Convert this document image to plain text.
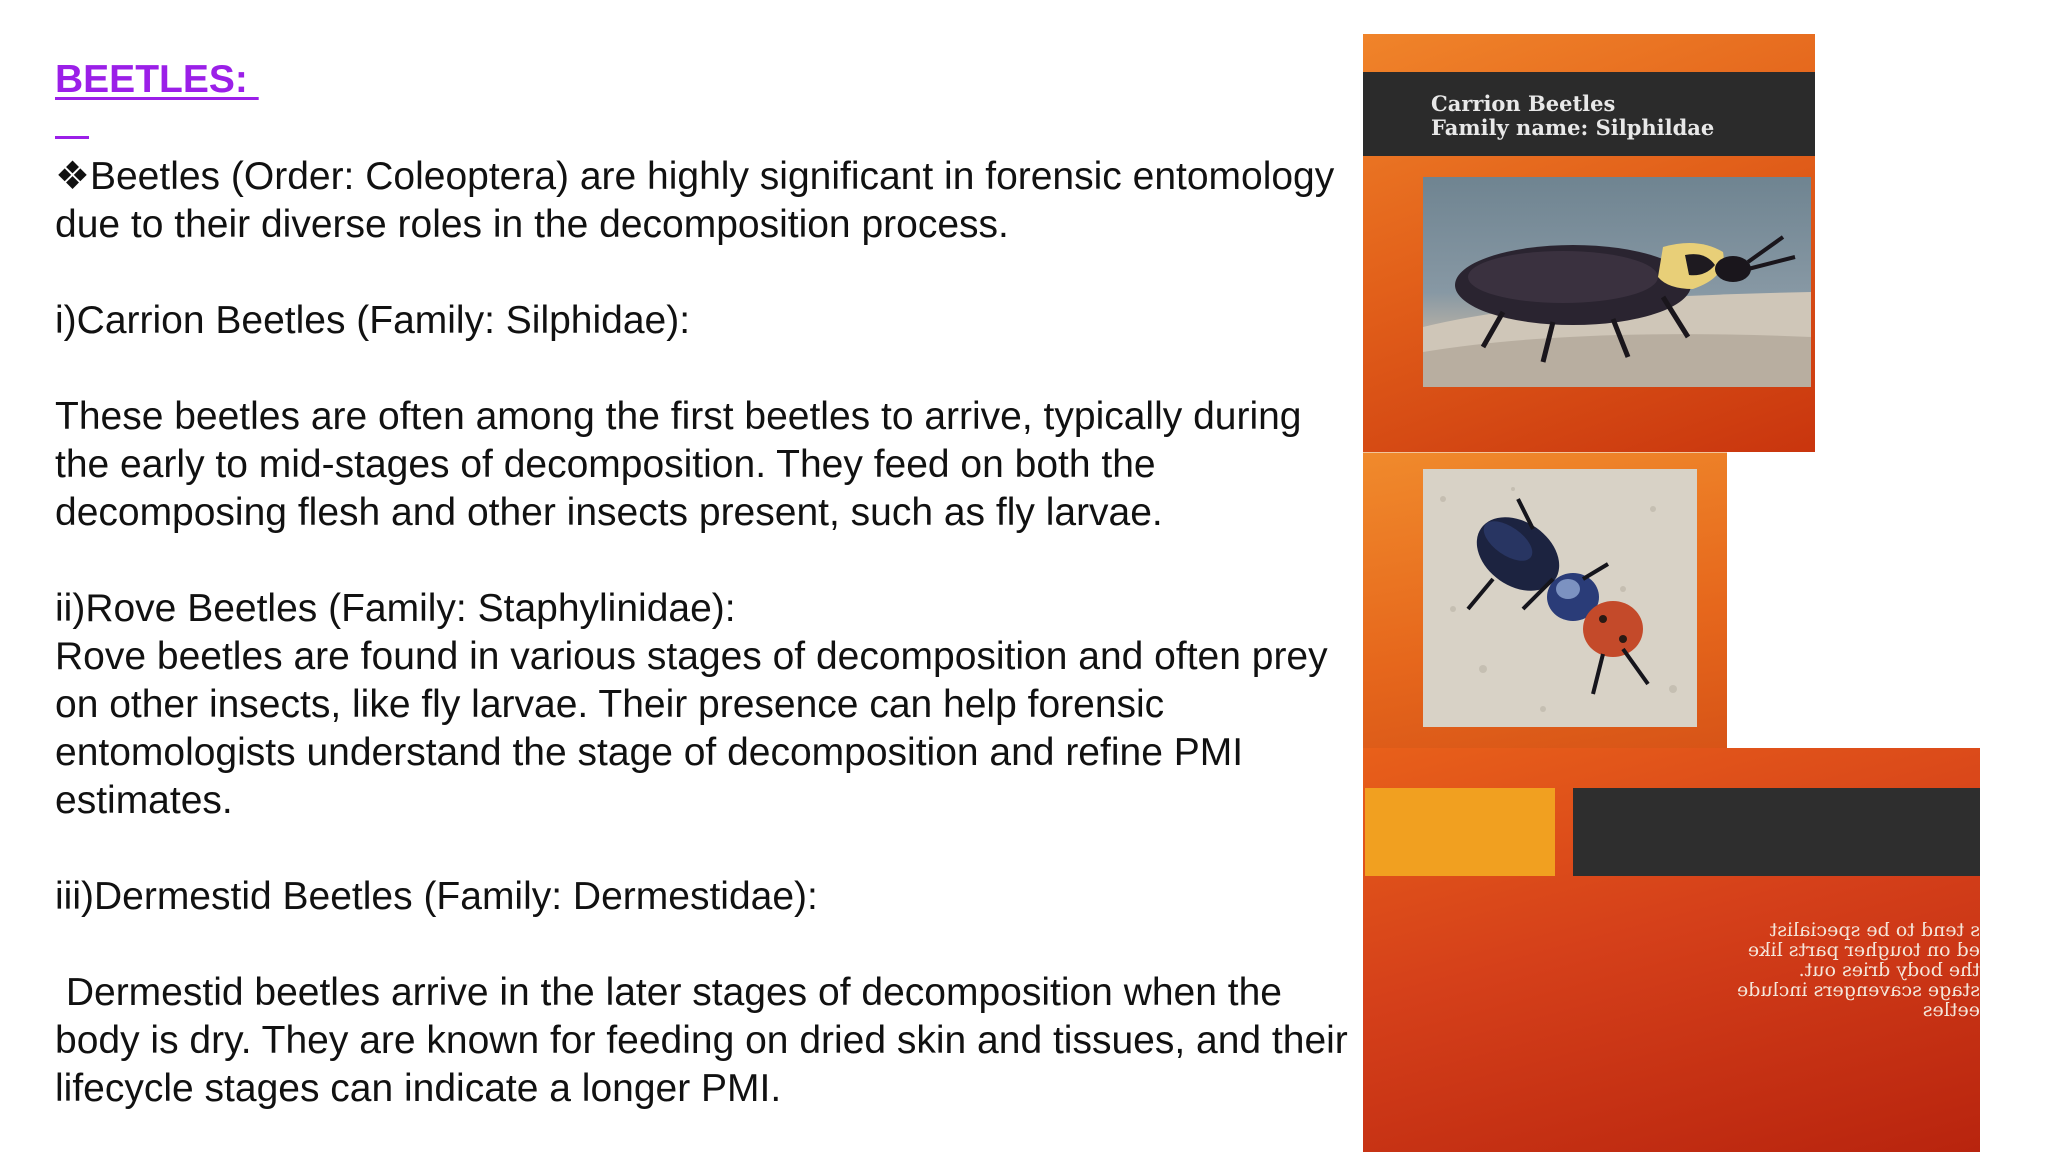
BEETLES:

❖Beetles (Order: Coleoptera) are highly significant in forensic entomology due to their diverse roles in the decomposition process.

i)Carrion Beetles (Family: Silphidae):

These beetles are often among the first beetles to arrive, typically during the early to mid-stages of decomposition. They feed on both the decomposing flesh and other insects present, such as fly larvae.

ii)Rove Beetles (Family: Staphylinidae):

Rove beetles are found in various stages of decomposition and often prey on other insects, like fly larvae. Their presence can help forensic entomologists understand the stage of decomposition and refine PMI estimates.

iii)Dermestid Beetles (Family: Dermestidae):

Dermestid beetles arrive in the later stages of decomposition when the body is dry. They are known for feeding on dried skin and tissues, and their lifecycle stages can indicate a longer PMI.

Carrion Beetles
Family name: Silphildae
s tend to be specialist
ed on tougher parts like
the body dries out.
stage scavengers include
eetles
